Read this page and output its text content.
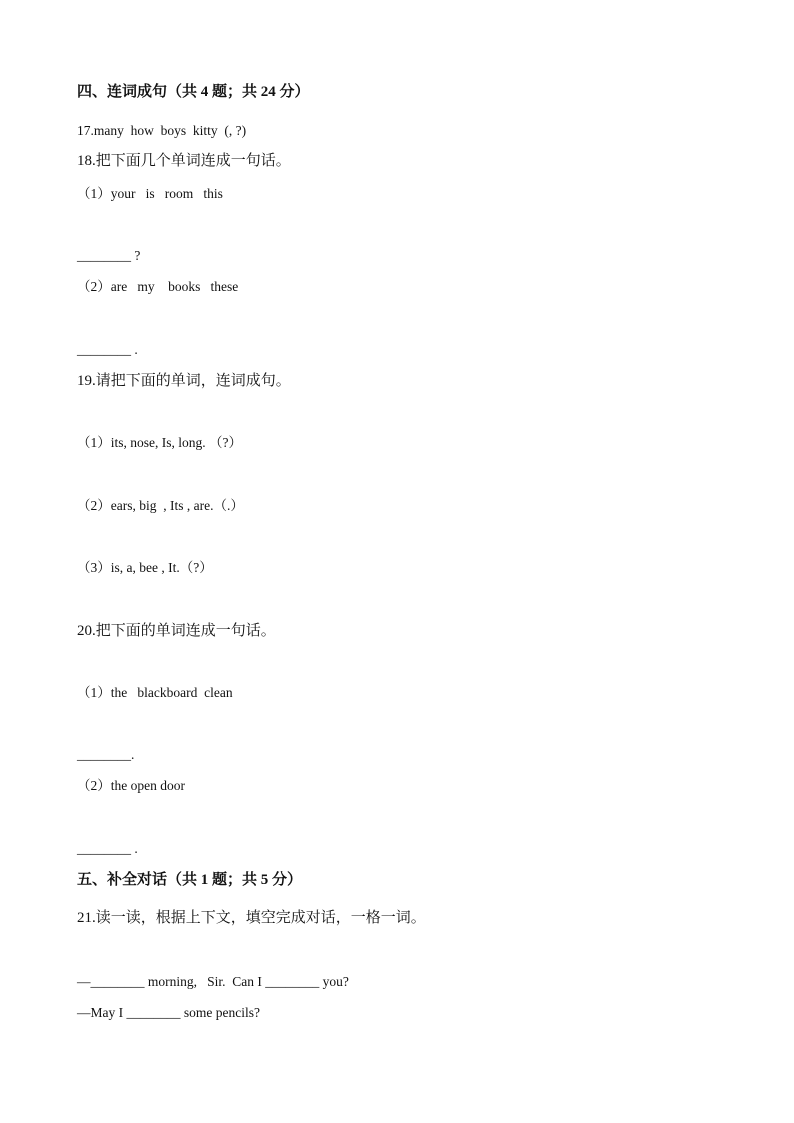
四、连词成句（共 4 题；共 24 分）
17.many  how  boys  kitty  (, ?)
18.把下面几个单词连成一句话。
（1）your   is   room   this
________ ?
（2）are   my    books   these
________ .
19.请把下面的单词，连词成句。
（1）its, nose, Is, long. （?）
（2）ears, big  , Its , are.（.）
（3）is, a, bee , It.（?）
20.把下面的单词连成一句话。
（1）the   blackboard  clean
________.
（2）the open door
________ .
五、补全对话（共 1 题；共 5 分）
21.读一读，根据上下文，填空完成对话，一格一词。
—________ morning,   Sir.  Can I ________ you?
—May I ________ some pencils?
